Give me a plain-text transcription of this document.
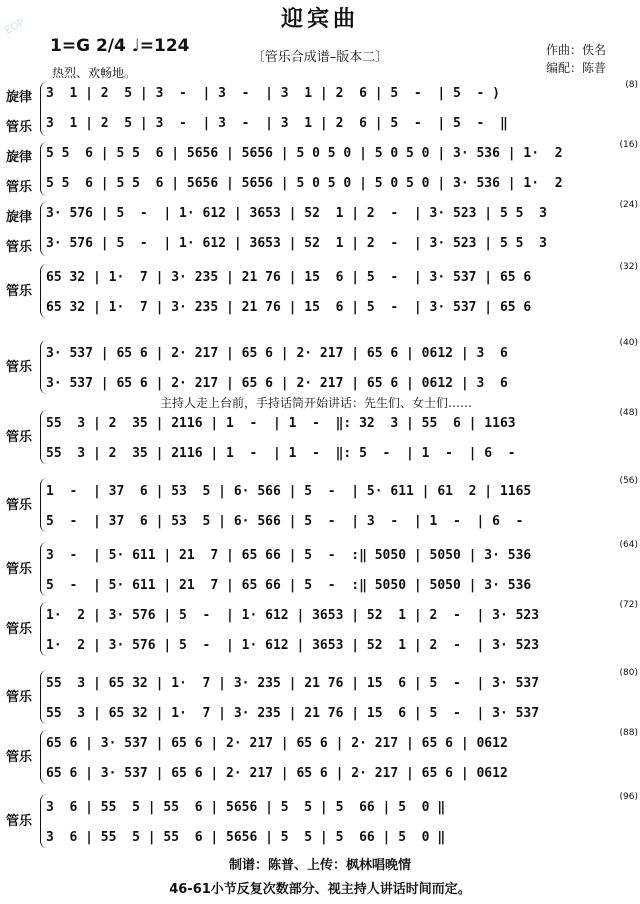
EOP	迎宾曲
1=G 2/4 ♩=124
热烈、欢畅地。
〔管乐合成谱–版本二〕	作曲：佚名
编配：陈普
主持人走上台前，手持话筒开始讲话：先生们、女士们……
(8)
旋律 3  1 | 2  5 | 3  -  | 3  -  | 3  1 | 2  6 | 5  -  | 5  - )
管乐 3  1 | 2  5 | 3  -  | 3  -  | 3  1 | 2  6 | 5  -  | 5  -  ‖
(16)
旋律 5 5  6 | 5 5  6 | 5656 | 5656 | 5 0 5 0 | 5 0 5 0 | 3· 536 | 1·  2
管乐 5 5  6 | 5 5  6 | 5656 | 5656 | 5 0 5 0 | 5 0 5 0 | 3· 536 | 1·  2
(24)
旋律 3· 576 | 5  -  | 1· 612 | 3653 | 52  1 | 2  -  | 3· 523 | 5 5  3
管乐 3· 576 | 5  -  | 1· 612 | 3653 | 52  1 | 2  -  | 3· 523 | 5 5  3
(32)
管乐
65 32 | 1·  7 | 3· 235 | 21 76 | 15  6 | 5  -  | 3· 537 | 65 6
65 32 | 1·  7 | 3· 235 | 21 76 | 15  6 | 5  -  | 3· 537 | 65 6
(40)
管乐
3· 537 | 65 6 | 2· 217 | 65 6 | 2· 217 | 65 6 | 0612 | 3  6
3· 537 | 65 6 | 2· 217 | 65 6 | 2· 217 | 65 6 | 0612 | 3  6
(48)
管乐
55  3 | 2  35 | 2116 | 1  -  | 1  -  ‖: 32  3 | 55  6 | 1163
55  3 | 2  35 | 2116 | 1  -  | 1  -  ‖: 5  -  | 1  -  | 6  -
(56)
管乐
1  -  | 37  6 | 53  5 | 6· 566 | 5  -  | 5· 611 | 61  2 | 1165
5  -  | 37  6 | 53  5 | 6· 566 | 5  -  | 3  -  | 1  -  | 6  -
(64)
管乐
3  -  | 5· 611 | 21  7 | 65 66 | 5  -  :‖ 5050 | 5050 | 3· 536
5  -  | 5· 611 | 21  7 | 65 66 | 5  -  :‖ 5050 | 5050 | 3· 536
(72)
管乐
1·  2 | 3· 576 | 5  -  | 1· 612 | 3653 | 52  1 | 2  -  | 3· 523
1·  2 | 3· 576 | 5  -  | 1· 612 | 3653 | 52  1 | 2  -  | 3· 523
(80)
管乐
55  3 | 65 32 | 1·  7 | 3· 235 | 21 76 | 15  6 | 5  -  | 3· 537
55  3 | 65 32 | 1·  7 | 3· 235 | 21 76 | 15  6 | 5  -  | 3· 537
(88)
管乐
65 6 | 3· 537 | 65 6 | 2· 217 | 65 6 | 2· 217 | 65 6 | 0612
65 6 | 3· 537 | 65 6 | 2· 217 | 65 6 | 2· 217 | 65 6 | 0612
(96)
管乐
3  6 | 55  5 | 55  6 | 5656 | 5  5 | 5  66 | 5  0 ‖
3  6 | 55  5 | 55  6 | 5656 | 5  5 | 5  66 | 5  0 ‖
制谱：陈普、上传：枫林唱晚情
46-61小节反复次数部分、视主持人讲话时间而定。
